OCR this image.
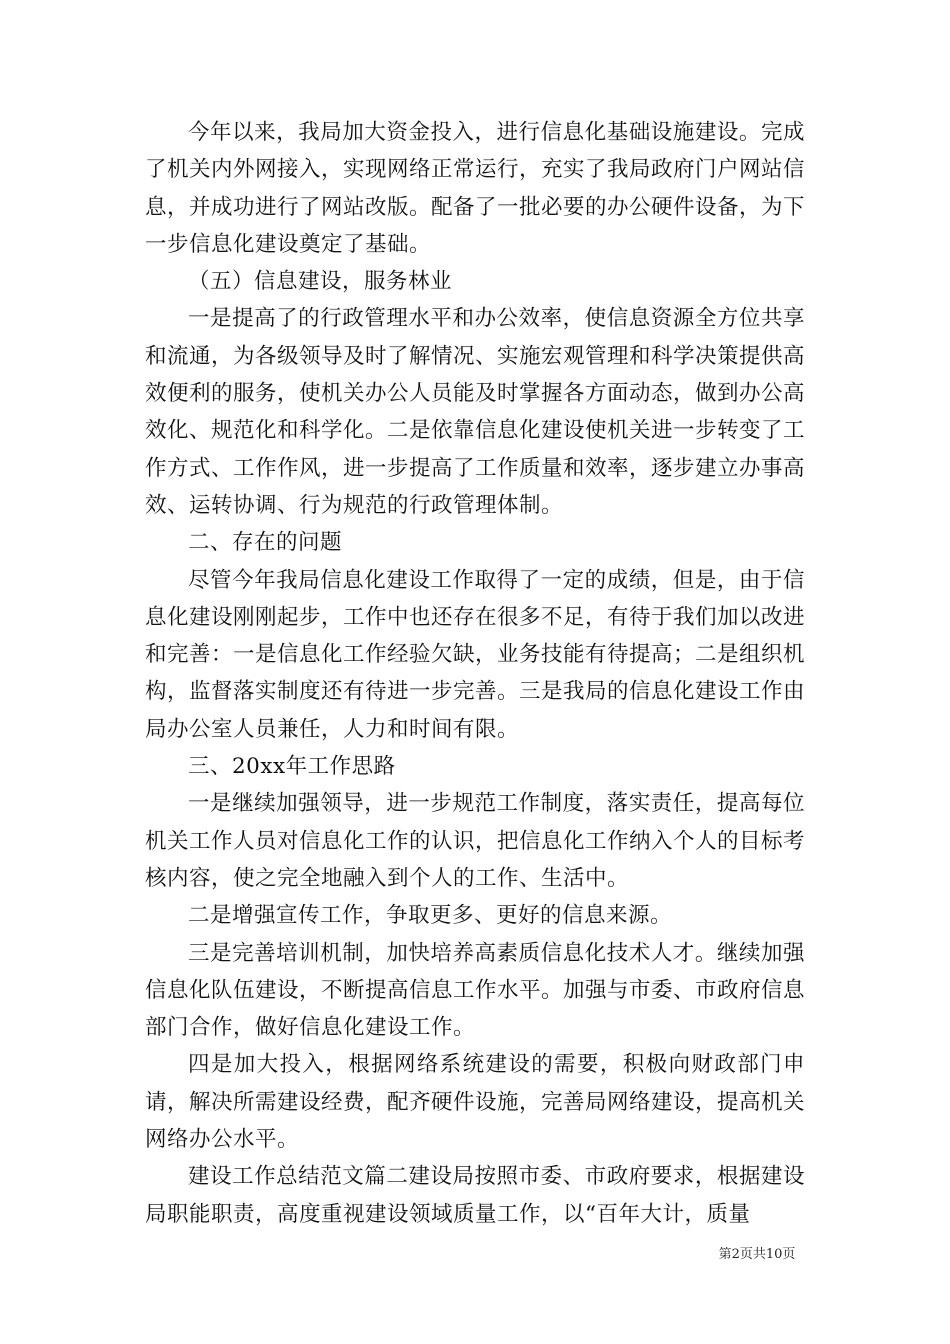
今年以来，我局加大资金投入，进行信息化基础设施建设。完成了机关内外网接入，实现网络正常运行，充实了我局政府门户网站信息，并成功进行了网站改版。配备了一批必要的办公硬件设备，为下一步信息化建设奠定了基础。

（五）信息建设，服务林业

一是提高了的行政管理水平和办公效率，使信息资源全方位共享和流通，为各级领导及时了解情况、实施宏观管理和科学决策提供高效便利的服务，使机关办公人员能及时掌握各方面动态，做到办公高效化、规范化和科学化。二是依靠信息化建设使机关进一步转变了工作方式、工作作风，进一步提高了工作质量和效率，逐步建立办事高效、运转协调、行为规范的行政管理体制。

二、存在的问题

尽管今年我局信息化建设工作取得了一定的成绩，但是，由于信息化建设刚刚起步，工作中也还存在很多不足，有待于我们加以改进和完善：一是信息化工作经验欠缺，业务技能有待提高；二是组织机构，监督落实制度还有待进一步完善。三是我局的信息化建设工作由局办公室人员兼任，人力和时间有限。

三、20xx年工作思路

一是继续加强领导，进一步规范工作制度，落实责任，提高每位机关工作人员对信息化工作的认识，把信息化工作纳入个人的目标考核内容，使之完全地融入到个人的工作、生活中。

二是增强宣传工作，争取更多、更好的信息来源。

三是完善培训机制，加快培养高素质信息化技术人才。继续加强信息化队伍建设，不断提高信息工作水平。加强与市委、市政府信息部门合作，做好信息化建设工作。

四是加大投入，根据网络系统建设的需要，积极向财政部门申请，解决所需建设经费，配齐硬件设施，完善局网络建设，提高机关网络办公水平。

建设工作总结范文篇二建设局按照市委、市政府要求，根据建设局职能职责，高度重视建设领域质量工作，以“百年大计，质量

第2页共10页
